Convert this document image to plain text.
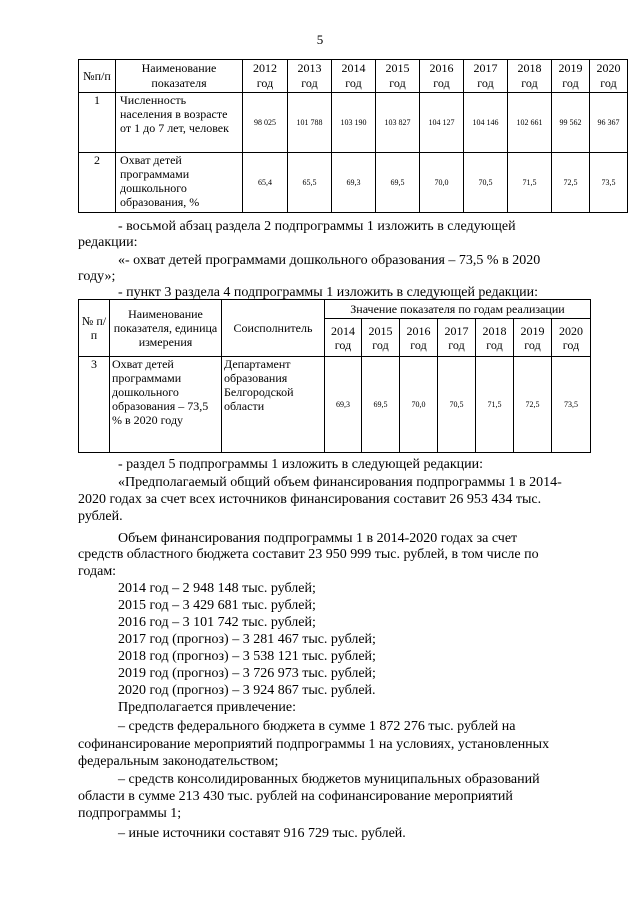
5
№п/п	Наименование показателя	2012 год	2013 год	2014 год	2015 год	2016 год	2017 год	2018 год	2019 год	2020 год
1	Численность населения в возрасте от 1 до 7 лет, человек	98 025	101 788	103 190	103 827	104 127	104 146	102 661	99 562	96 367
2	Охват детей программами дошкольного образования, %	65,4	65,5	69,3	69,5	70,0	70,5	71,5	72,5	73,5
- восьмой абзац раздела 2 подпрограммы 1 изложить в следующей
редакции:
«- охват детей программами дошкольного образования – 73,5 % в 2020
году»;
- пункт 3 раздела 4 подпрограммы 1 изложить в следующей редакции:
№ п/п	Наименование показателя, единица измерения	Соисполнитель	Значение показателя по годам реализации						
			2014 год	2015 год	2016 год	2017 год	2018 год	2019 год	2020 год
3	Охват детей программами дошкольного образования – 73,5 % в 2020 году	Департамент образования Белгородской области	69,3	69,5	70,0	70,5	71,5	72,5	73,5
- раздел 5 подпрограммы 1 изложить в следующей редакции:
«Предполагаемый общий объем финансирования подпрограммы 1 в 2014-
2020 годах за счет всех источников финансирования составит 26 953 434 тыс.
рублей.
Объем финансирования подпрограммы 1 в 2014-2020 годах за счет
средств областного бюджета составит 23 950 999 тыс. рублей, в том числе по
годам:
2014 год – 2 948 148 тыс. рублей;
2015 год – 3 429 681 тыс. рублей;
2016 год – 3 101 742 тыс. рублей;
2017 год (прогноз) – 3 281 467 тыс. рублей;
2018 год (прогноз) – 3 538 121 тыс. рублей;
2019 год (прогноз) – 3 726 973 тыс. рублей;
2020 год (прогноз) – 3 924 867 тыс. рублей.
Предполагается привлечение:
– средств федерального бюджета в сумме 1 872 276 тыс. рублей на
софинансирование мероприятий подпрограммы 1 на условиях, установленных
федеральным законодательством;
– средств консолидированных бюджетов муниципальных образований
области в сумме 213 430 тыс. рублей на софинансирование мероприятий
подпрограммы 1;
– иные источники составят 916 729 тыс. рублей.
